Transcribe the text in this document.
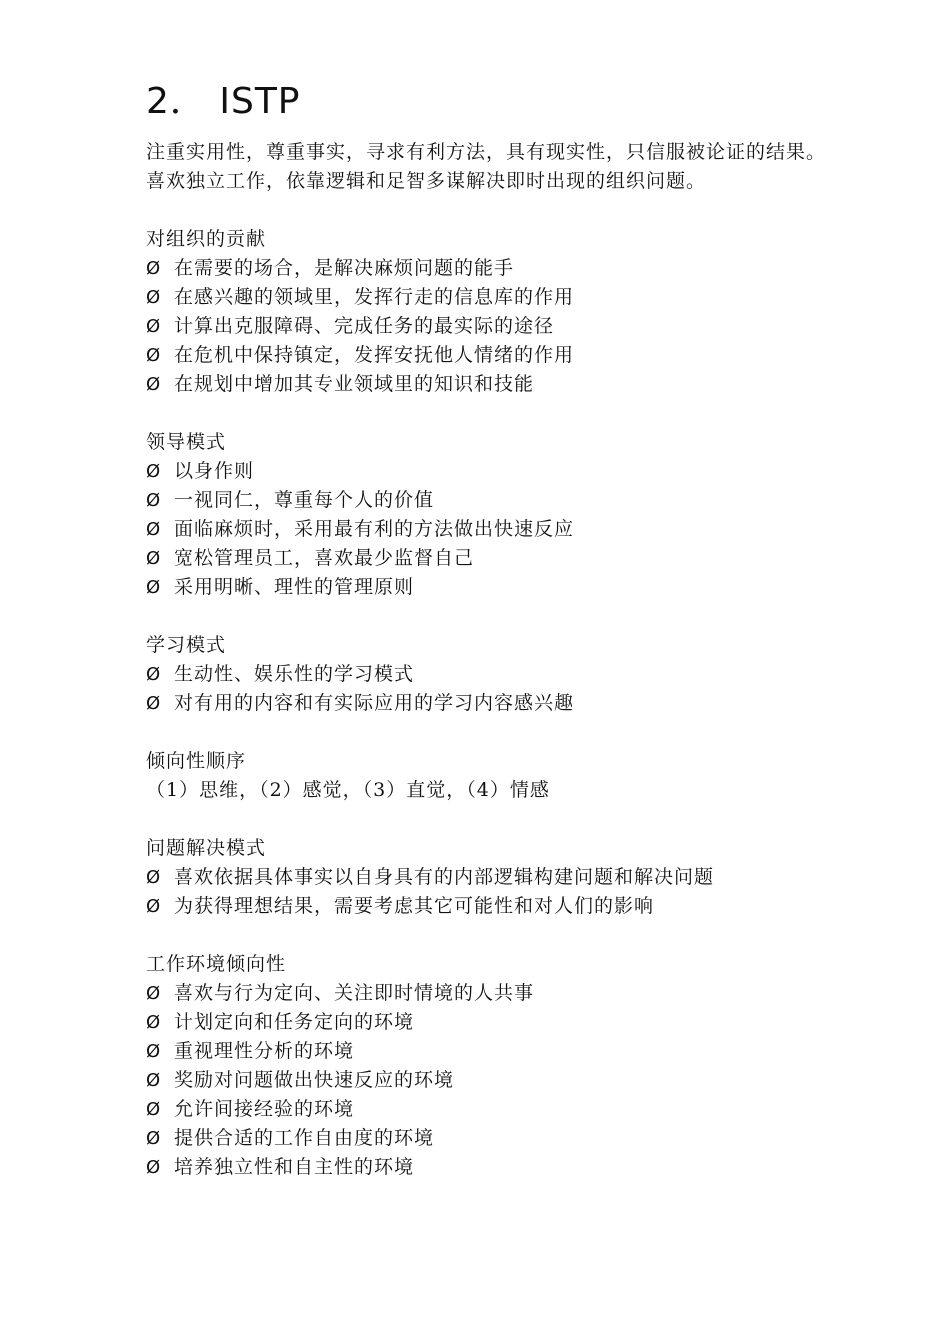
2． ISTP

注重实用性，尊重事实，寻求有利方法，具有现实性，只信服被论证的结果。喜欢独立工作，依靠逻辑和足智多谋解决即时出现的组织问题。

对组织的贡献
Ø 在需要的场合，是解决麻烦问题的能手
Ø 在感兴趣的领域里，发挥行走的信息库的作用
Ø 计算出克服障碍、完成任务的最实际的途径
Ø 在危机中保持镇定，发挥安抚他人情绪的作用
Ø 在规划中增加其专业领域里的知识和技能
领导模式
Ø 以身作则
Ø 一视同仁，尊重每个人的价值
Ø 面临麻烦时，采用最有利的方法做出快速反应
Ø 宽松管理员工，喜欢最少监督自己
Ø 采用明晰、理性的管理原则
学习模式
Ø 生动性、娱乐性的学习模式
Ø 对有用的内容和有实际应用的学习内容感兴趣
倾向性顺序

（1）思维，（2）感觉，（3）直觉，（4）情感

问题解决模式
Ø 喜欢依据具体事实以自身具有的内部逻辑构建问题和解决问题
Ø 为获得理想结果，需要考虑其它可能性和对人们的影响
工作环境倾向性
Ø 喜欢与行为定向、关注即时情境的人共事
Ø 计划定向和任务定向的环境
Ø 重视理性分析的环境
Ø 奖励对问题做出快速反应的环境
Ø 允许间接经验的环境
Ø 提供合适的工作自由度的环境
Ø 培养独立性和自主性的环境
